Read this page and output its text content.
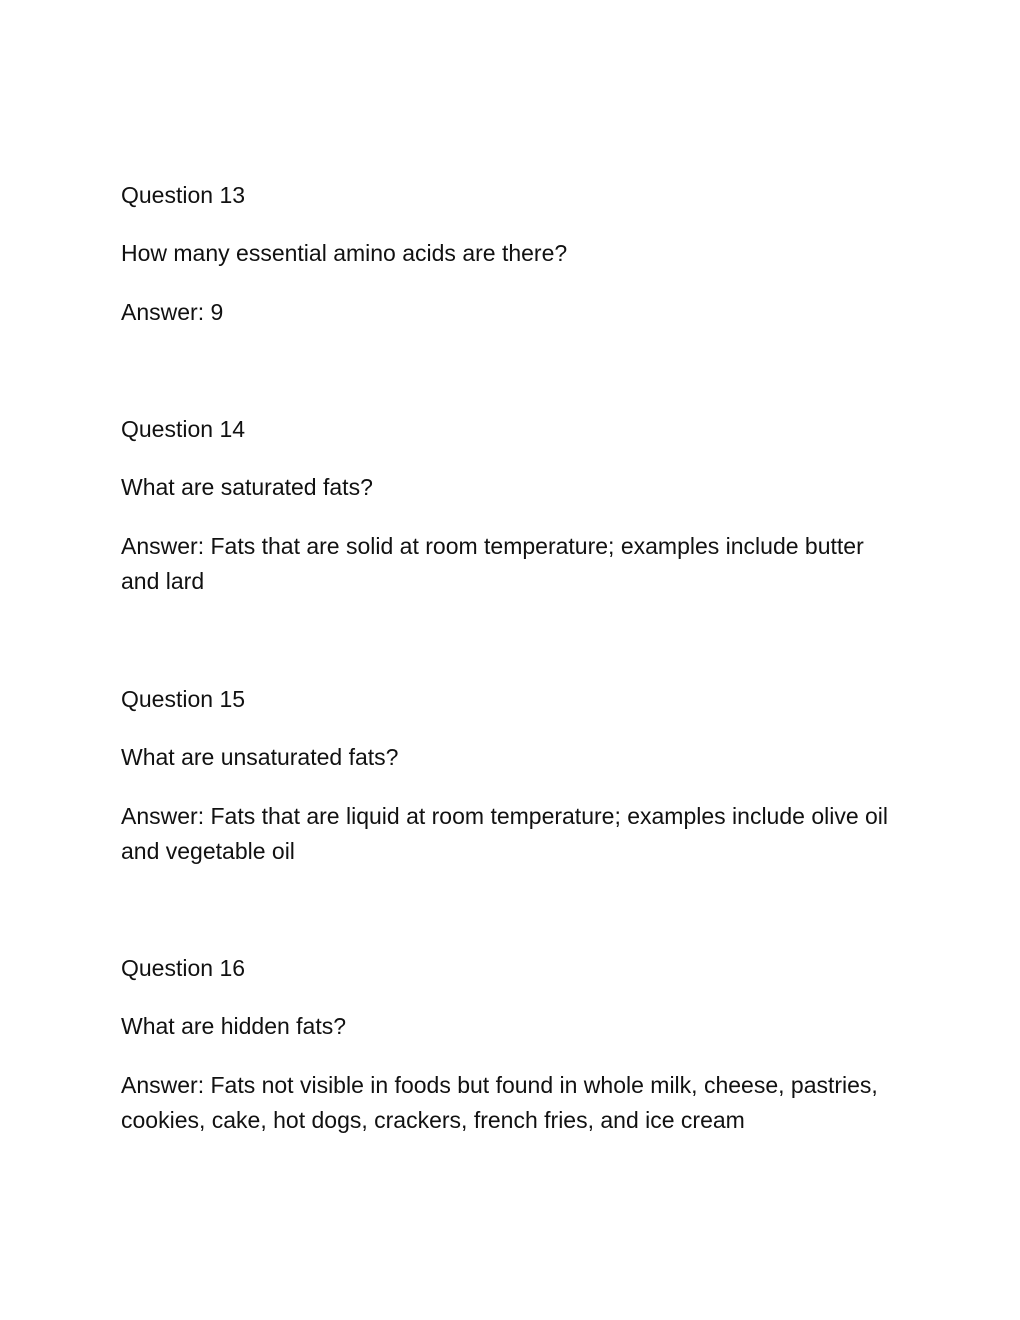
Question 13

How many essential amino acids are there?

Answer: 9

Question 14

What are saturated fats?

Answer: Fats that are solid at room temperature; examples include butter and lard

Question 15

What are unsaturated fats?

Answer: Fats that are liquid at room temperature; examples include olive oil and vegetable oil

Question 16

What are hidden fats?

Answer: Fats not visible in foods but found in whole milk, cheese, pastries, cookies, cake, hot dogs, crackers, french fries, and ice cream
